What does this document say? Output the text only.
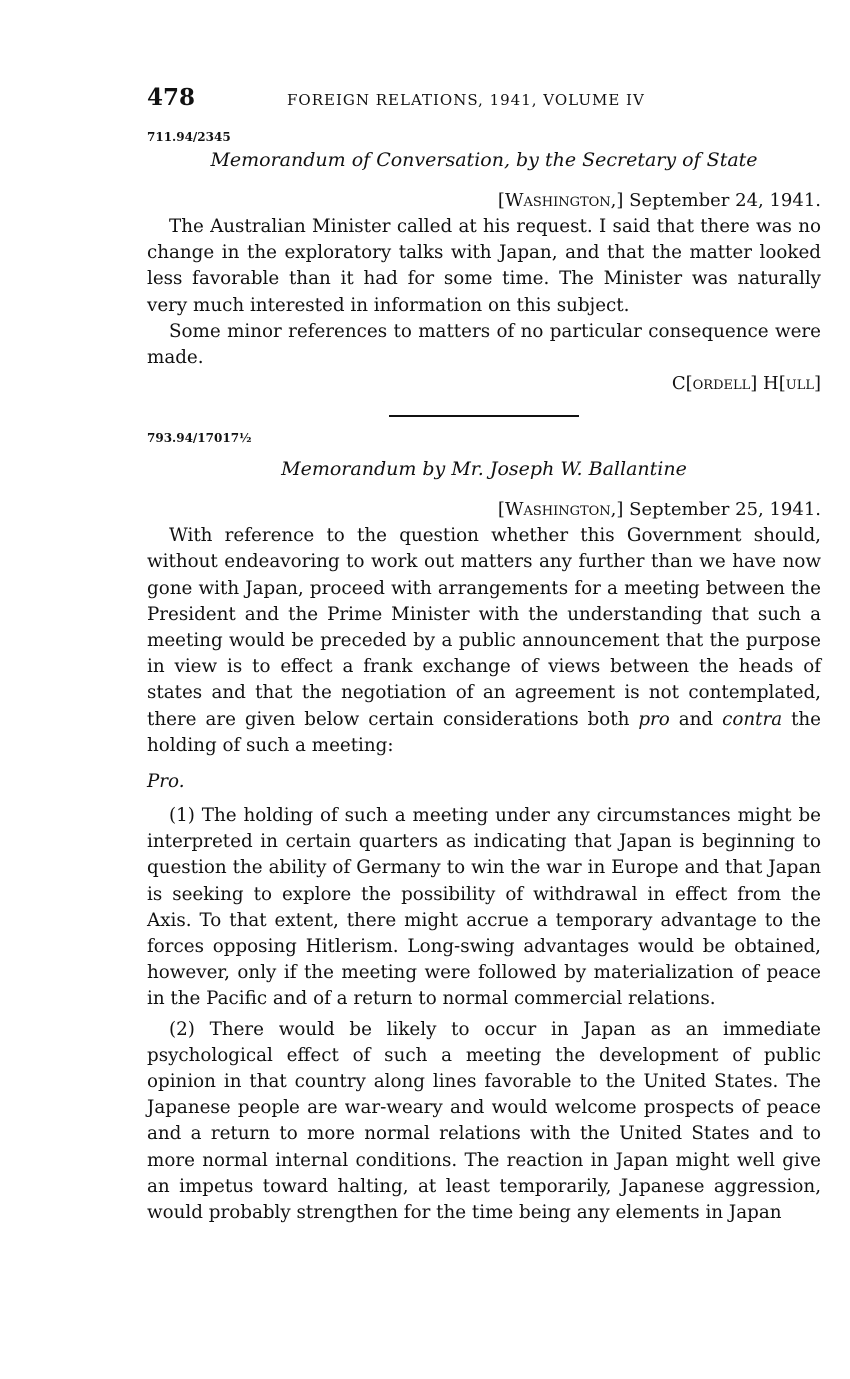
478	FOREIGN RELATIONS, 1941, VOLUME IV
711.94/2345
Memorandum of Conversation, by the Secretary of State
[Washington,] September 24, 1941.

The Australian Minister called at his request. I said that there was no change in the exploratory talks with Japan, and that the matter looked less favorable than it had for some time. The Minister was naturally very much interested in information on this subject.

Some minor references to matters of no particular consequence were made.

C[ordell] H[ull]
793.94/17017½
Memorandum by Mr. Joseph W. Ballantine
[Washington,] September 25, 1941.

With reference to the question whether this Government should, without endeavoring to work out matters any further than we have now gone with Japan, proceed with arrangements for a meeting between the President and the Prime Minister with the understanding that such a meeting would be preceded by a public announcement that the purpose in view is to effect a frank exchange of views between the heads of states and that the negotiation of an agreement is not contemplated, there are given below certain considerations both pro and contra the holding of such a meeting:

Pro.

(1) The holding of such a meeting under any circumstances might be interpreted in certain quarters as indicating that Japan is beginning to question the ability of Germany to win the war in Europe and that Japan is seeking to explore the possibility of withdrawal in effect from the Axis. To that extent, there might accrue a temporary advantage to the forces opposing Hitlerism. Long-swing advantages would be obtained, however, only if the meeting were followed by materialization of peace in the Pacific and of a return to normal commercial relations.

(2) There would be likely to occur in Japan as an immediate psychological effect of such a meeting the development of public opinion in that country along lines favorable to the United States. The Japanese people are war-weary and would welcome prospects of peace and a return to more normal relations with the United States and to more normal internal conditions. The reaction in Japan might well give an impetus toward halting, at least temporarily, Japanese aggression, would probably strengthen for the time being any elements in Japan
